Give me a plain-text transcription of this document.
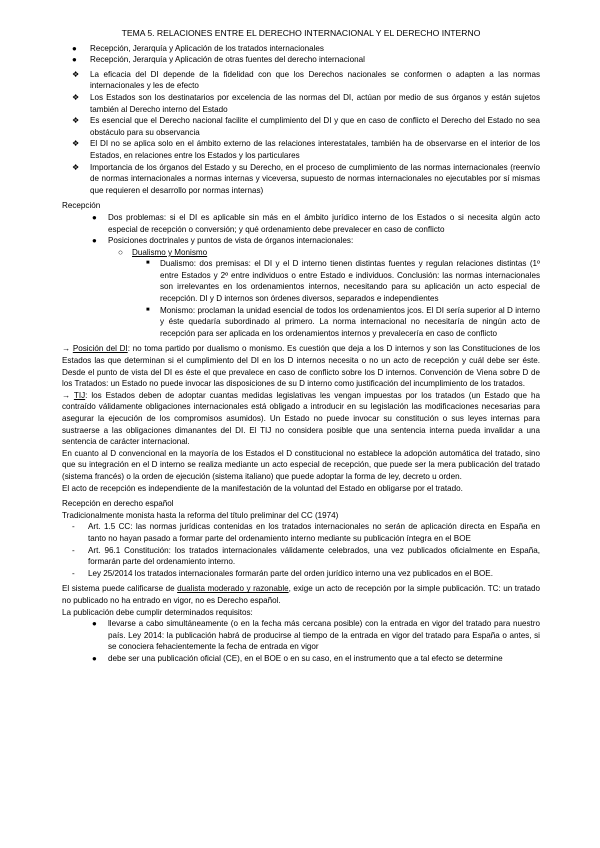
TEMA 5. RELACIONES ENTRE EL DERECHO INTERNACIONAL Y EL DERECHO INTERNO
●	Recepción, Jerarquía y Aplicación de los tratados internacionales
●	Recepción, Jerarquía y Aplicación de otras fuentes del derecho internacional
❖	La eficacia del DI depende de la fidelidad con que los Derechos nacionales se conformen o adapten a las normas internacionales y les de efecto
❖	Los Estados son los destinatarios por excelencia de las normas del DI, actúan por medio de sus órganos y están sujetos también al Derecho interno del Estado
❖	Es esencial que el Derecho nacional facilite el cumplimiento del DI y que en caso de conflicto el Derecho del Estado no sea obstáculo para su observancia
❖	El DI no se aplica solo en el ámbito externo de las relaciones interestatales, también ha de observarse en el interior de los Estados, en relaciones entre los Estados y los particulares
❖	Importancia de los órganos del Estado y su Derecho, en el proceso de cumplimiento de las normas internacionales (reenvío de normas internacionales a normas internas y viceversa, supuesto de normas internacionales no ejecutables por sí mismas que requieren el desarrollo por normas internas)
Recepción
●	Dos problemas: si el DI es aplicable sin más en el ámbito jurídico interno de los Estados o si necesita algún acto especial de recepción o conversión; y qué ordenamiento debe prevalecer en caso de conflicto
●	Posiciones doctrinales y puntos de vista de órganos internacionales:
○	Dualismo y Monismo
■	Dualismo: dos premisas: el DI y el D interno tienen distintas fuentes y regulan relaciones distintas (1º entre Estados y 2º entre individuos o entre Estado e individuos. Conclusión: las normas internacionales son irrelevantes en los ordenamientos internos, necesitando para su aplicación un acto especial de recepción. DI y D internos son órdenes diversos, separados e independientes
■	Monismo: proclaman la unidad esencial de todos los ordenamientos jcos. El DI sería superior al D interno y éste quedaría subordinado al primero. La norma internacional no necesitaría de ningún acto de recepción para ser aplicada en los ordenamientos internos y prevalecería en caso de conflicto
→ Posición del DI: no toma partido por dualismo o monismo. Es cuestión que deja a los D internos y son las Constituciones de los Estados las que determinan si el cumplimiento del DI en los D internos necesita o no un acto de recepción y cuál debe ser éste. Desde el punto de vista del DI es éste el que prevalece en caso de conflicto sobre los D internos. Convención de Viena sobre D de los Tratados: un Estado no puede invocar las disposiciones de su D interno como justificación del incumplimiento de los tratados.
→ TIJ: los Estados deben de adoptar cuantas medidas legislativas les vengan impuestas por los tratados (un Estado que ha contraído válidamente obligaciones internacionales está obligado a introducir en su legislación las modificaciones necesarias para asegurar la ejecución de los compromisos asumidos). Un Estado no puede invocar su constitución o sus leyes internas para sustraerse a las obligaciones dimanantes del DI. El TIJ no considera posible que una sentencia interna pueda invalidar a una sentencia de carácter internacional.
En cuanto al D convencional en la mayoría de los Estados el D constitucional no establece la adopción automática del tratado, sino que su integración en el D interno se realiza mediante un acto especial de recepción, que puede ser la mera publicación del tratado (sistema francés) o la orden de ejecución (sistema italiano) que puede adoptar la forma de ley, decreto u orden.
El acto de recepción es independiente de la manifestación de la voluntad del Estado en obligarse por el tratado.
Recepción en derecho español
Tradicionalmente monista hasta la reforma del título preliminar del CC (1974)
-	Art. 1.5 CC: las normas jurídicas contenidas en los tratados internacionales no serán de aplicación directa en España en tanto no hayan pasado a formar parte del ordenamiento interno mediante su publicación íntegra en el BOE
-	Art. 96.1 Constitución: los tratados internacionales válidamente celebrados, una vez publicados oficialmente en España, formarán parte del ordenamiento interno.
-	Ley 25/2014 los tratados internacionales formarán parte del orden jurídico interno una vez publicados en el BOE.
El sistema puede calificarse de dualista moderado y razonable, exige un acto de recepción por la simple publicación. TC: un tratado no publicado no ha entrado en vigor, no es Derecho español.
La publicación debe cumplir determinados requisitos:
●	llevarse a cabo simultáneamente (o en la fecha más cercana posible) con la entrada en vigor del tratado para nuestro país. Ley 2014: la publicación habrá de producirse al tiempo de la entrada en vigor del tratado para España o antes, si se conociera fehacientemente la fecha de entrada en vigor
●	debe ser una publicación oficial (CE), en el BOE o en su caso, en el instrumento que a tal efecto se determine
